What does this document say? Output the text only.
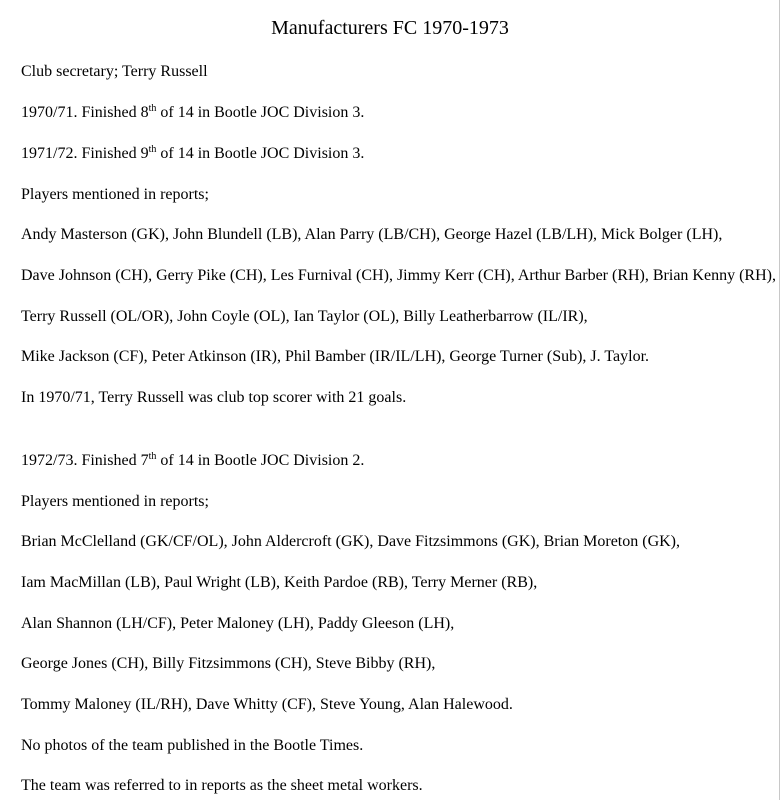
Manufacturers FC 1970-1973
Club secretary; Terry Russell
1970/71. Finished 8th of 14 in Bootle JOC Division 3.
1971/72. Finished 9th of 14 in Bootle JOC Division 3.
Players mentioned in reports;
Andy Masterson (GK), John Blundell (LB), Alan Parry (LB/CH), George Hazel (LB/LH), Mick Bolger (LH),
Dave Johnson (CH), Gerry Pike (CH), Les Furnival (CH), Jimmy Kerr (CH), Arthur Barber (RH), Brian Kenny (RH),
Terry Russell (OL/OR), John Coyle (OL), Ian Taylor (OL), Billy Leatherbarrow (IL/IR),
Mike Jackson (CF), Peter Atkinson (IR), Phil Bamber (IR/IL/LH), George Turner (Sub), J. Taylor.
In 1970/71, Terry Russell was club top scorer with 21 goals.
1972/73. Finished 7th of 14 in Bootle JOC Division 2.
Players mentioned in reports;
Brian McClelland (GK/CF/OL), John Aldercroft (GK), Dave Fitzsimmons (GK), Brian Moreton (GK),
Iam MacMillan (LB), Paul Wright (LB), Keith Pardoe (RB), Terry Merner (RB),
Alan Shannon (LH/CF), Peter Maloney (LH), Paddy Gleeson (LH),
George Jones (CH), Billy Fitzsimmons (CH), Steve Bibby (RH),
Tommy Maloney (IL/RH), Dave Whitty (CF), Steve Young, Alan Halewood.
No photos of the team published in the Bootle Times.
The team was referred to in reports as the sheet metal workers.
